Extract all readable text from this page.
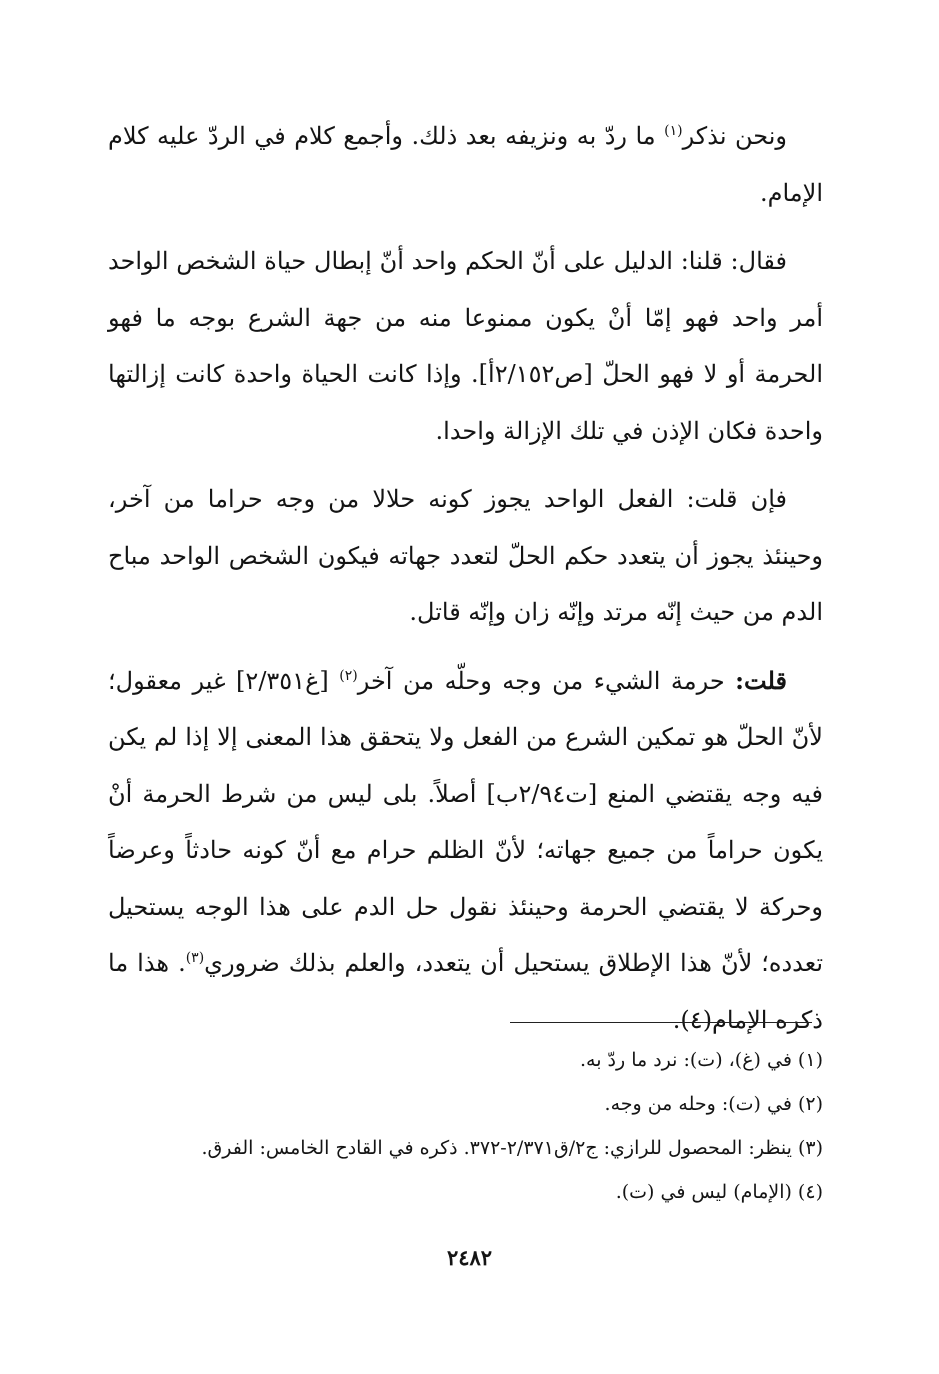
ونحن نذكر$^{(١)}$ ما ردّ به ونزيفه بعد ذلك. وأجمع كلام في الردّ عليه كلام الإمام.

فقال: قلنا: الدليل على أنّ الحكم واحد أنّ إبطال حياة الشخص الواحد أمر واحد فهو إمّا أنْ يكون ممنوعا منه من جهة الشرع بوجه ما فهو الحرمة أو لا فهو الحلّ [ص٢/١٥٢أ]. وإذا كانت الحياة واحدة كانت إزالتها واحدة فكان الإذن في تلك الإزالة واحدا.

فإن قلت: الفعل الواحد يجوز كونه حلالا من وجه حراما من آخر، وحينئذ يجوز أن يتعدد حكم الحلّ لتعدد جهاته فيكون الشخص الواحد مباح الدم من حيث إنّه مرتد وإنّه زان وإنّه قاتل.

قلت: حرمة الشيء من وجه وحلّه من آخر$^{(٢)}$ [غ٢/٣٥١] غير معقول؛ لأنّ الحلّ هو تمكين الشرع من الفعل ولا يتحقق هذا المعنى إلا إذا لم يكن فيه وجه يقتضي المنع [ت٢/٩٤ب] أصلاً. بلى ليس من شرط الحرمة أنْ يكون حراماً من جميع جهاته؛ لأنّ الظلم حرام مع أنّ كونه حادثاً وعرضاً وحركة لا يقتضي الحرمة وحينئذ نقول حل الدم على هذا الوجه يستحيل تعدده؛ لأنّ هذا الإطلاق يستحيل أن يتعدد، والعلم بذلك ضروري$^{(٣)}$. هذا ما ذكره الإمام(٤).

(١) في (غ)، (ت): نرد ما ردّ به.

(٢) في (ت): وحله من وجه.

(٣) ينظر: المحصول للرازي: ج٢/ق٢/٣٧١-٣٧٢. ذكره في القادح الخامس: الفرق.

(٤) (الإمام) ليس في (ت).

٢٤٨٢
